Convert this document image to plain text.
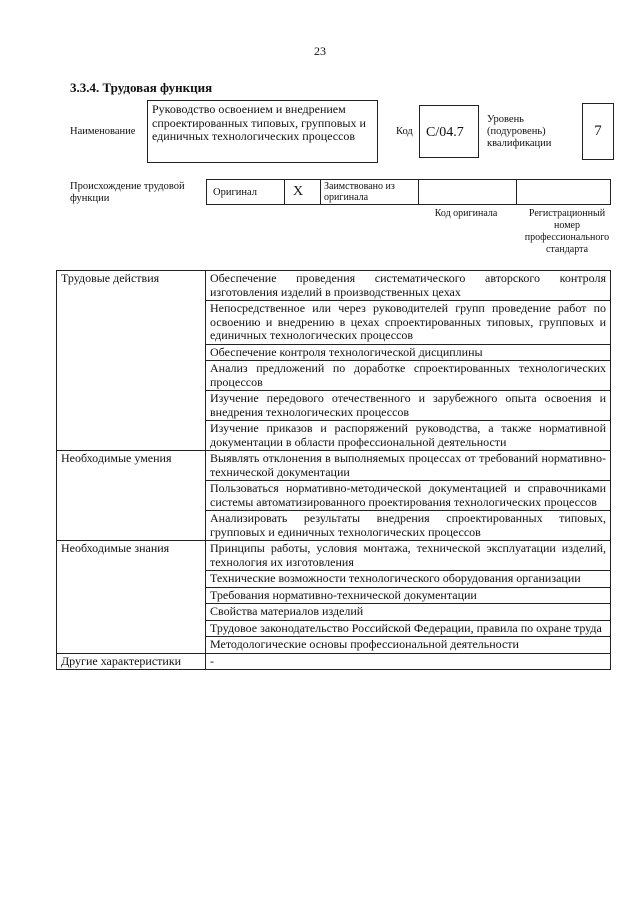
23
3.3.4. Трудовая функция
Наименование
Руководство освоением и внедрением спроектированных типовых, групповых и единичных технологических процессов	Код C/04.7
Уровень (подуровень) квалификации
7
Происхождение трудовой функции
Оригинал	X Заимствовано из оригинала
Код оригинала	Регистрационный номер профессионального стандарта
Трудовые действия	Обеспечение проведения систематического авторского контроля изготовления изделий в производственных цехах
	Непосредственное или через руководителей групп проведение работ по освоению и внедрению в цехах спроектированных типовых, групповых и единичных технологических процессов
	Обеспечение контроля технологической дисциплины
	Анализ предложений по доработке спроектированных технологических процессов
	Изучение передового отечественного и зарубежного опыта освоения и внедрения технологических процессов
	Изучение приказов и распоряжений руководства, а также нормативной документации в области профессиональной деятельности
Необходимые умения	Выявлять отклонения в выполняемых процессах от требований нормативно-технической документации
	Пользоваться нормативно-методической документацией и справочниками системы автоматизированного проектирования технологических процессов
	Анализировать результаты внедрения спроектированных типовых, групповых и единичных технологических процессов
Необходимые знания	Принципы работы, условия монтажа, технической эксплуатации изделий, технология их изготовления
	Технические возможности технологического оборудования организации
	Требования нормативно-технической документации
	Свойства материалов изделий
	Трудовое законодательство Российской Федерации, правила по охране труда
	Методологические основы профессиональной деятельности
Другие характеристики	-
